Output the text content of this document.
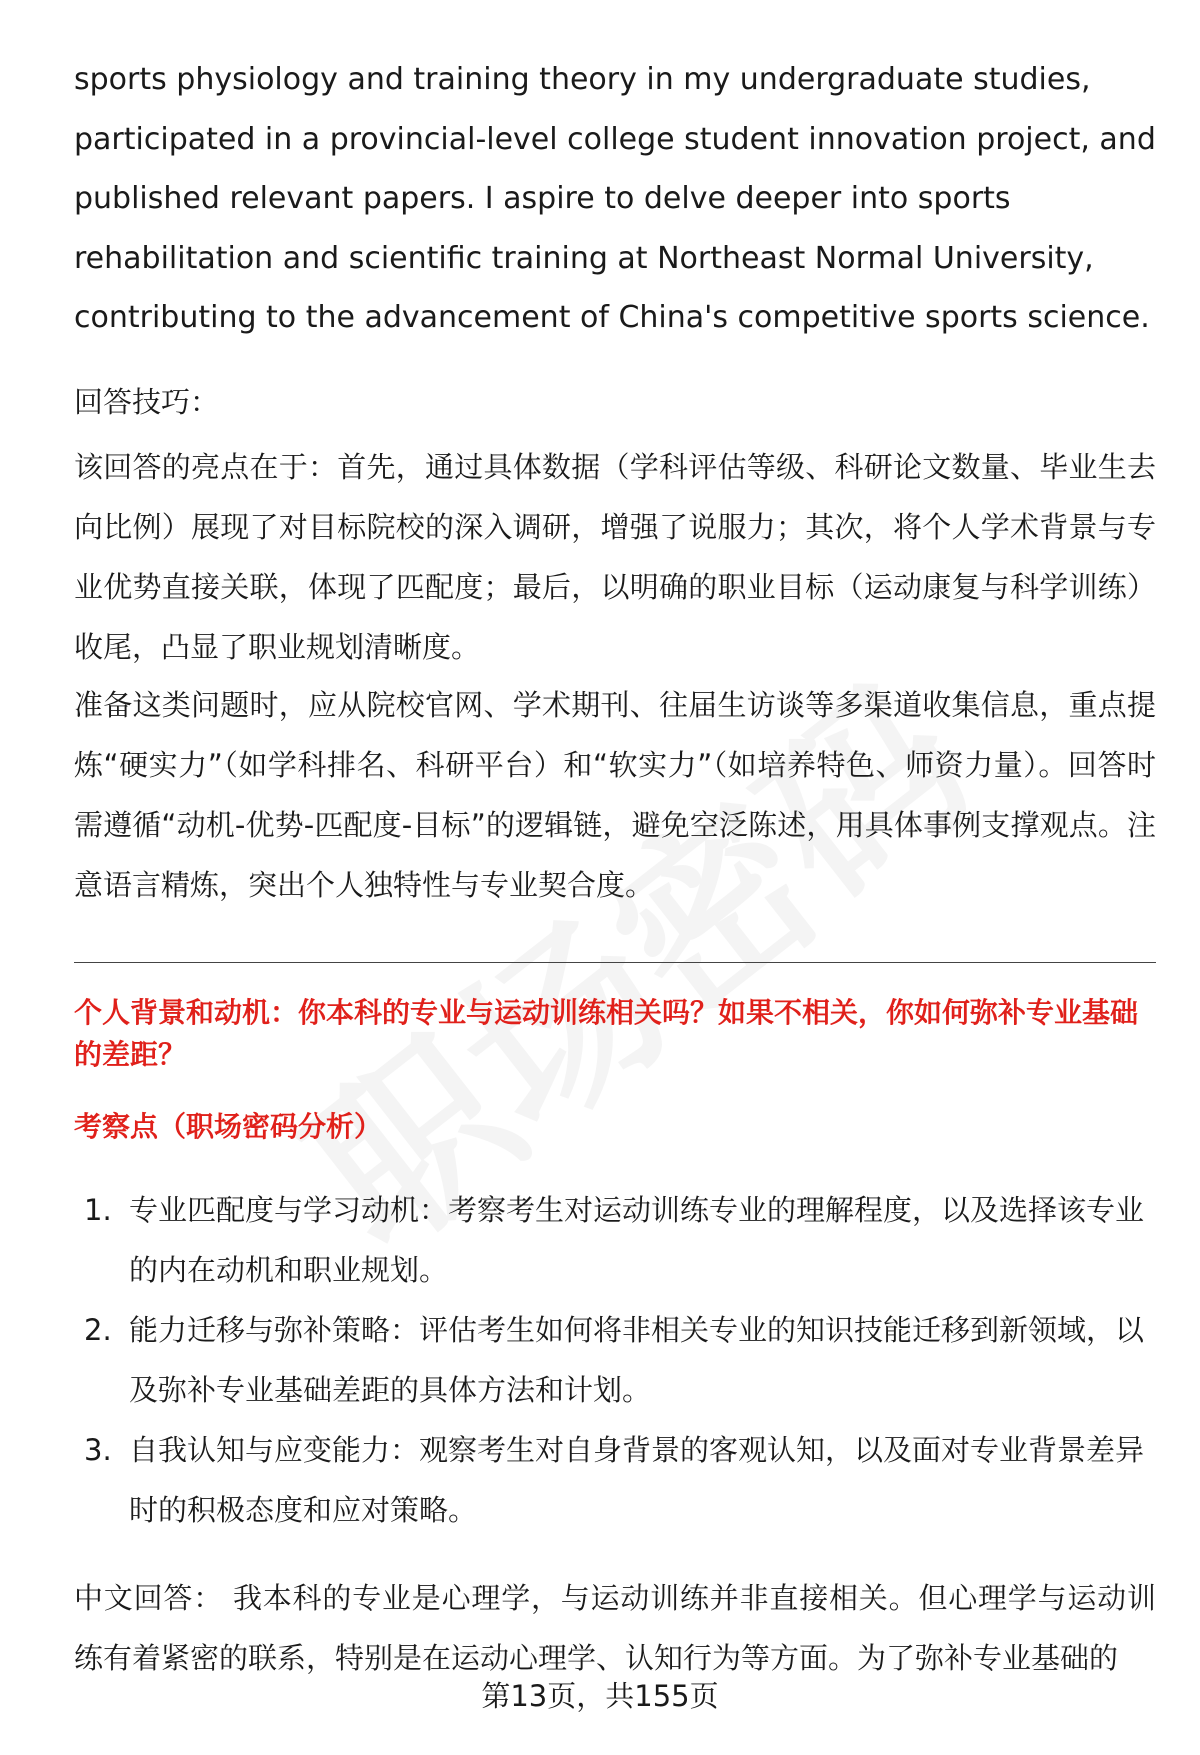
sports physiology and training theory in my undergraduate studies, participated in a provincial-level college student innovation project, and published relevant papers. I aspire to delve deeper into sports rehabilitation and scientific training at Northeast Normal University, contributing to the advancement of China's competitive sports science.
回答技巧：
该回答的亮点在于：首先，通过具体数据（学科评估等级、科研论文数量、毕业生去向比例）展现了对目标院校的深入调研，增强了说服力；其次，将个人学术背景与专业优势直接关联，体现了匹配度；最后，以明确的职业目标（运动康复与科学训练）收尾，凸显了职业规划清晰度。
准备这类问题时，应从院校官网、学术期刊、往届生访谈等多渠道收集信息，重点提炼“硬实力”（如学科排名、科研平台）和“软实力”（如培养特色、师资力量）。回答时需遵循“动机-优势-匹配度-目标”的逻辑链，避免空泛陈述，用具体事例支撑观点。注意语言精炼，突出个人独特性与专业契合度。
个人背景和动机：你本科的专业与运动训练相关吗？如果不相关，你如何弥补专业基础的差距？
考察点（职场密码分析）
1. 专业匹配度与学习动机：考察考生对运动训练专业的理解程度，以及选择该专业的内在动机和职业规划。
2. 能力迁移与弥补策略：评估考生如何将非相关专业的知识技能迁移到新领域，以及弥补专业基础差距的具体方法和计划。
3. 自我认知与应变能力：观察考生对自身背景的客观认知，以及面对专业背景差异时的积极态度和应对策略。
中文回答： 我本科的专业是心理学，与运动训练并非直接相关。但心理学与运动训练有着紧密的联系，特别是在运动心理学、认知行为等方面。为了弥补专业基础的
第13页，共155页
